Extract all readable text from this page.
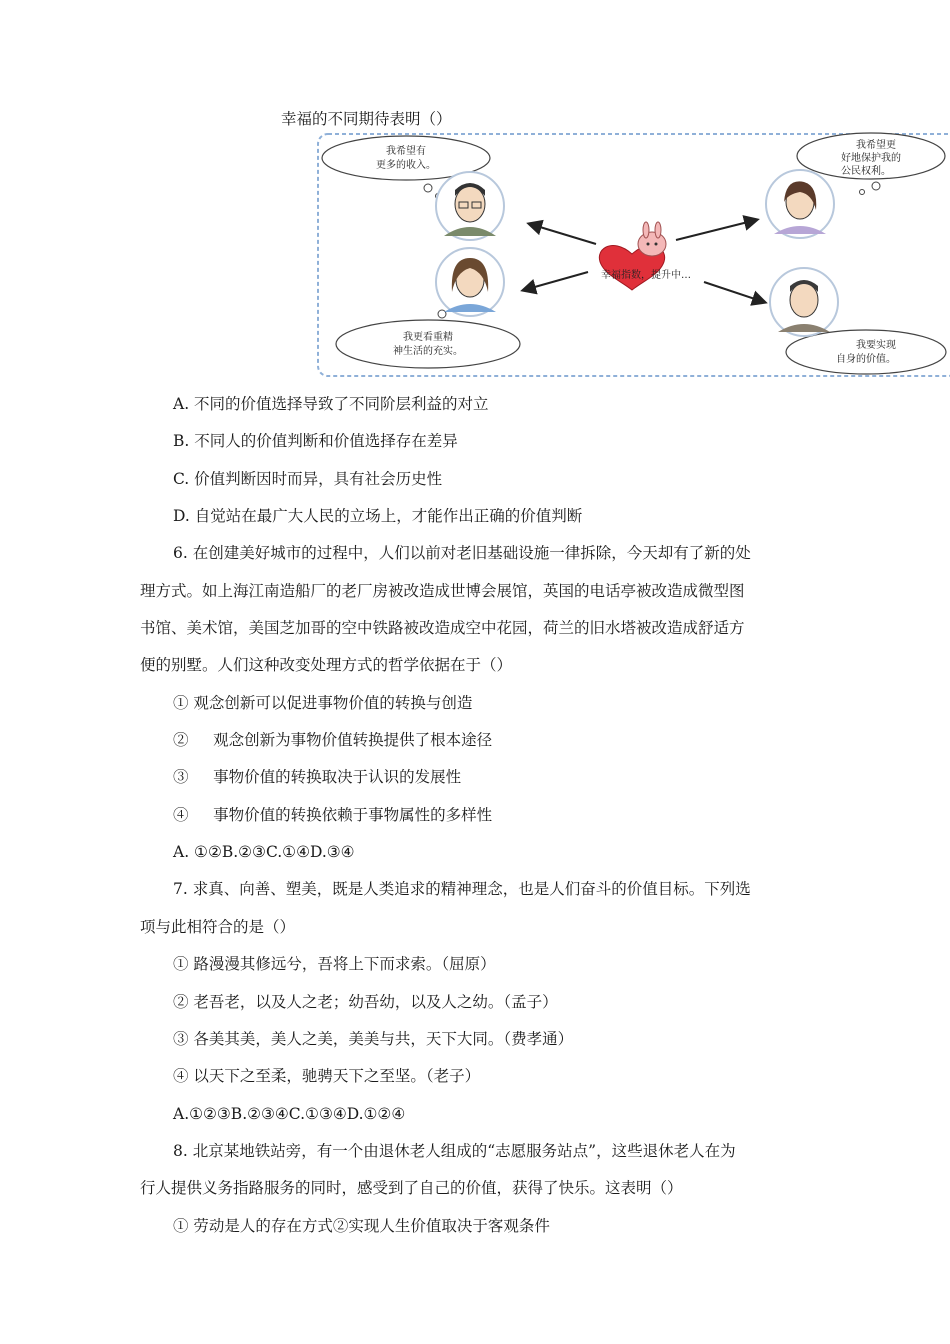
幸福的不同期待表明（）
我希望有
更多的收入。
我希望更
好地保护我的
公民权利。
我更看重精
神生活的充实。
我要实现
自身的价值。
幸福指数，提升中…
A. 不同的价值选择导致了不同阶层利益的对立
B. 不同人的价值判断和价值选择存在差异
C. 价值判断因时而异，具有社会历史性
D. 自觉站在最广大人民的立场上，才能作出正确的价值判断
6. 在创建美好城市的过程中，人们以前对老旧基础设施一律拆除，今天却有了新的处
理方式。如上海江南造船厂的老厂房被改造成世博会展馆，英国的电话亭被改造成微型图
书馆、美术馆，美国芝加哥的空中铁路被改造成空中花园，荷兰的旧水塔被改造成舒适方
便的别墅。人们这种改变处理方式的哲学依据在于（）
① 观念创新可以促进事物价值的转换与创造
②     观念创新为事物价值转换提供了根本途径
③     事物价值的转换取决于认识的发展性
④     事物价值的转换依赖于事物属性的多样性
A. ①②B.②③C.①④D.③④
7. 求真、向善、塑美，既是人类追求的精神理念，也是人们奋斗的价值目标。下列选
项与此相符合的是（）
① 路漫漫其修远兮，吾将上下而求索。（屈原）
② 老吾老，以及人之老；幼吾幼，以及人之幼。（孟子）
③ 各美其美，美人之美，美美与共，天下大同。（费孝通）
④ 以天下之至柔，驰骋天下之至坚。（老子）
A.①②③B.②③④C.①③④D.①②④
8. 北京某地铁站旁，有一个由退休老人组成的“志愿服务站点”，这些退休老人在为
行人提供义务指路服务的同时，感受到了自己的价值，获得了快乐。这表明（）
① 劳动是人的存在方式②实现人生价值取决于客观条件
